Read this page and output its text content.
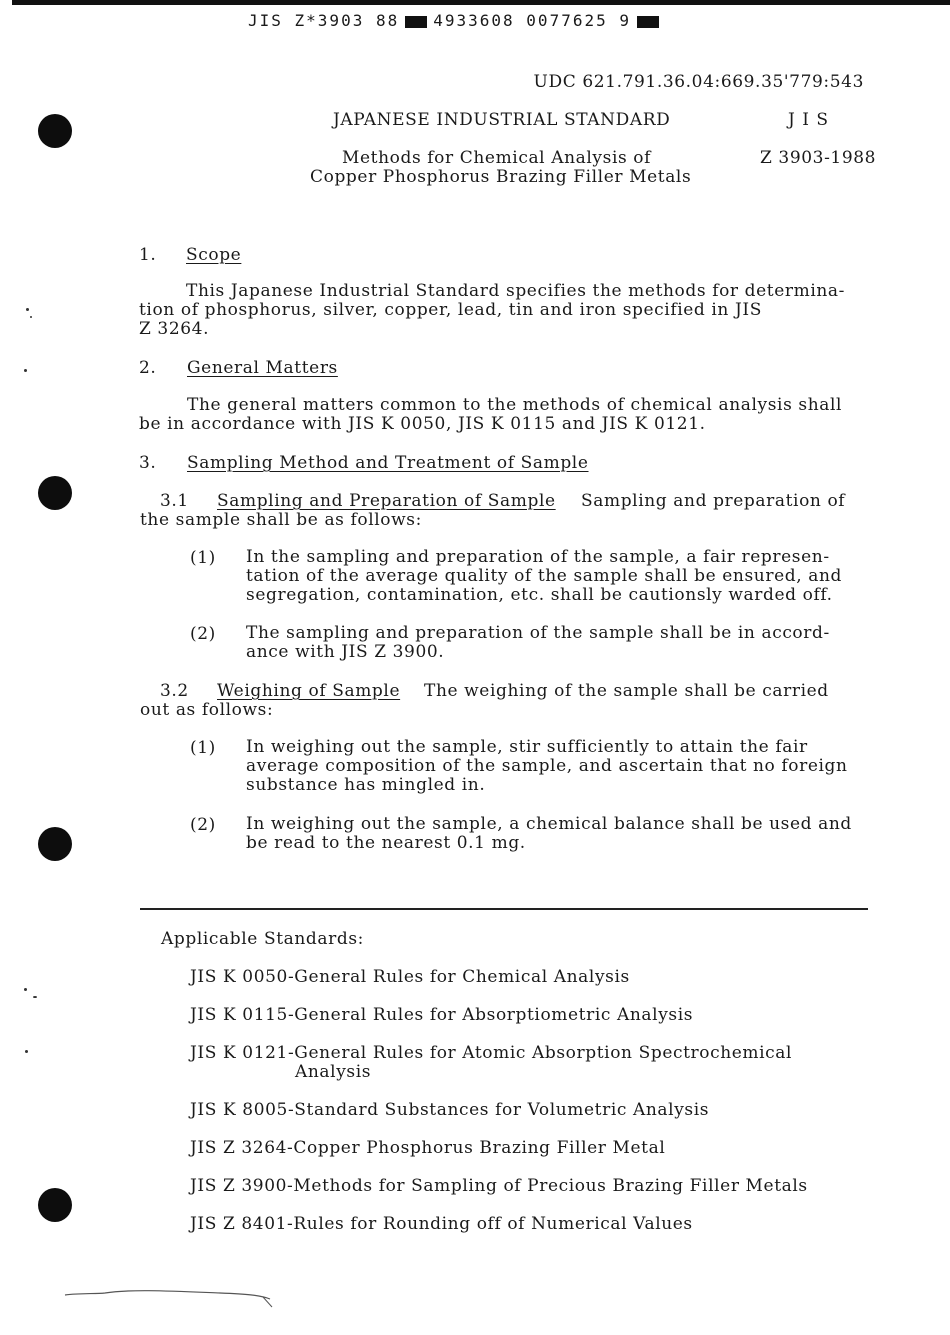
JIS Z*3903 88 4933608 0077625 9
UDC 621.791.36.04:669.35'779:543
JAPANESE INDUSTRIAL STANDARD	J I S
Methods for Chemical Analysis of
Copper Phosphorus Brazing Filler Metals
Z 3903-1988
1. Scope
This Japanese Industrial Standard specifies the methods for determina-
tion of phosphorus, silver, copper, lead, tin and iron specified in JIS
Z 3264.
2. General Matters
The general matters common to the methods of chemical analysis shall
be in accordance with JIS K 0050, JIS K 0115 and JIS K 0121.
3. Sampling Method and Treatment of Sample
3.1 Sampling and Preparation of Sample Sampling and preparation of
the sample shall be as follows:
(1) In the sampling and preparation of the sample, a fair represen-
tation of the average quality of the sample shall be ensured, and
segregation, contamination, etc. shall be cautionsly warded off.
(2) The sampling and preparation of the sample shall be in accord-
ance with JIS Z 3900.
3.2 Weighing of Sample The weighing of the sample shall be carried
out as follows:
(1) In weighing out the sample, stir sufficiently to attain the fair
average composition of the sample, and ascertain that no foreign
substance has mingled in.
(2) In weighing out the sample, a chemical balance shall be used and
be read to the nearest 0.1 mg.
Applicable Standards:
JIS K 0050-General Rules for Chemical Analysis
JIS K 0115-General Rules for Absorptiometric Analysis
JIS K 0121-General Rules for Atomic Absorption Spectrochemical
Analysis
JIS K 8005-Standard Substances for Volumetric Analysis
JIS Z 3264-Copper Phosphorus Brazing Filler Metal
JIS Z 3900-Methods for Sampling of Precious Brazing Filler Metals
JIS Z 8401-Rules for Rounding off of Numerical Values
